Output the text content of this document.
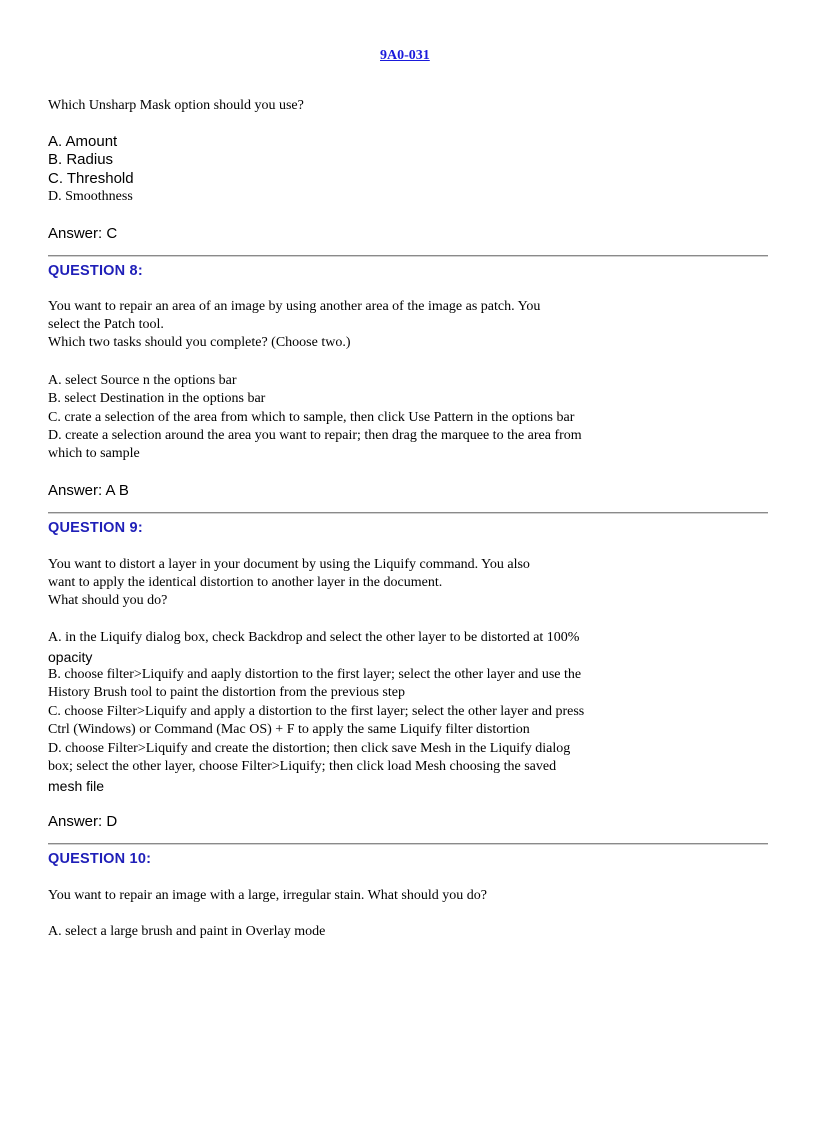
9A0-031
Which Unsharp Mask option should you use?
A. Amount
B. Radius
C. Threshold
D. Smoothness
Answer: C
QUESTION 8:
You want to repair an area of an image by using another area of the image as patch. You
select the Patch tool.
Which two tasks should you complete? (Choose two.)
A. select Source n the options bar
B. select Destination in the options bar
C. crate a selection of the area from which to sample, then click Use Pattern in the options bar
D. create a selection around the area you want to repair; then drag the marquee to the area from
which to sample
Answer: A B
QUESTION 9:
You want to distort a layer in your document by using the Liquify command. You also
want to apply the identical distortion to another layer in the document.
What should you do?
A. in the Liquify dialog box, check Backdrop and select the other layer to be distorted at 100%
opacity
B. choose filter>Liquify and aaply distortion to the first layer; select the other layer and use the
History Brush tool to paint the distortion from the previous step
C. choose Filter>Liquify and apply a distortion to the first layer; select the other layer and press
Ctrl (Windows) or Command (Mac OS) + F to apply the same Liquify filter distortion
D. choose Filter>Liquify and create the distortion; then click save Mesh in the Liquify dialog
box; select the other layer, choose Filter>Liquify; then click load Mesh choosing the saved
mesh file
Answer: D
QUESTION 10:
You want to repair an image with a large, irregular stain. What should you do?
A. select a large brush and paint in Overlay mode
